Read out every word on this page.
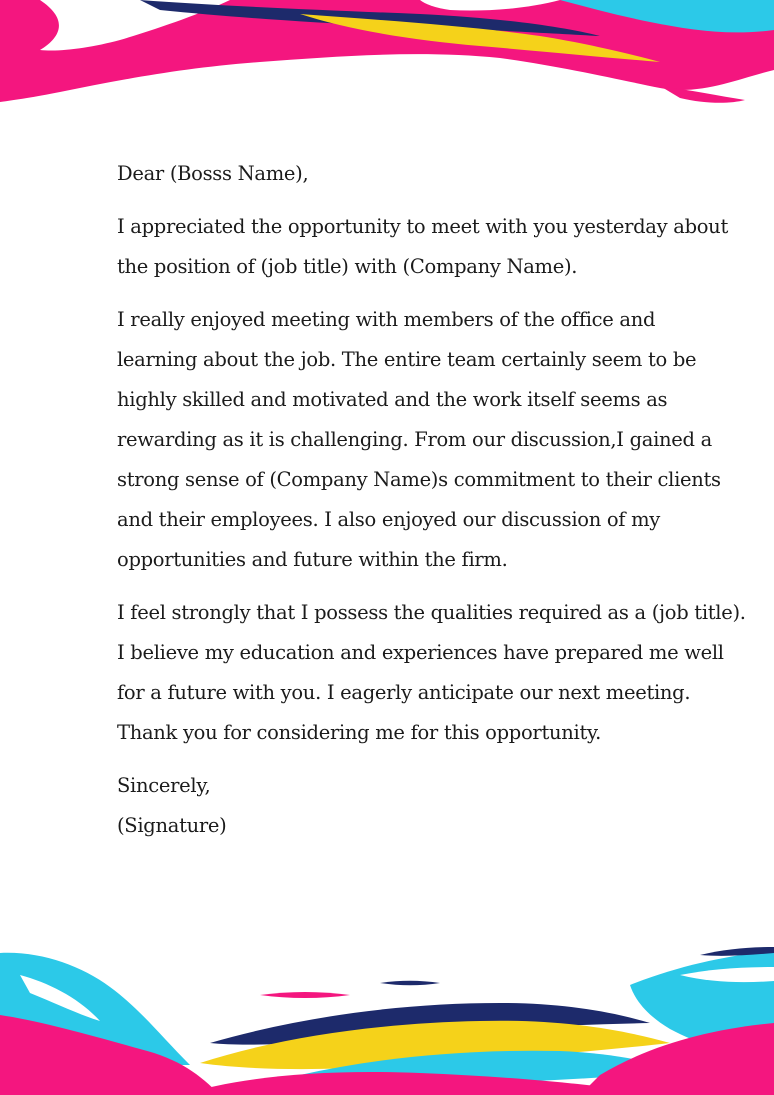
Dear (Bosss Name),

I appreciated the opportunity to meet with you yesterday about
the position of (job title) with (Company Name).

I really enjoyed meeting with members of the office and
learning about the job. The entire team certainly seem to be
highly skilled and motivated and the work itself seems as
rewarding as it is challenging. From our discussion,I gained a
strong sense of (Company Name)s commitment to their clients
and their employees. I also enjoyed our discussion of my
opportunities and future within the firm.

I feel strongly that I possess the qualities required as a (job title).
I believe my education and experiences have prepared me well
for a future with you. I eagerly anticipate our next meeting.
Thank you for considering me for this opportunity.

Sincerely,
(Signature)
